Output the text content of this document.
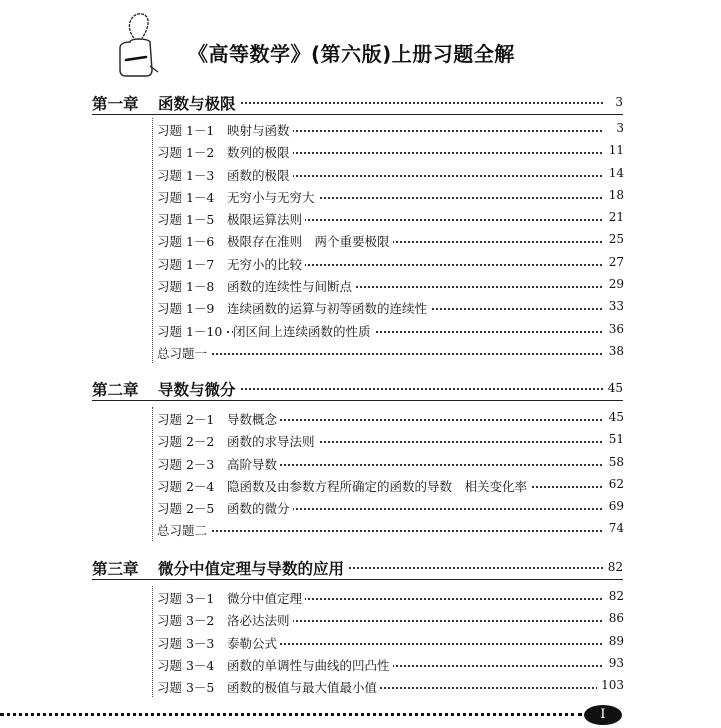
《高等数学》(第六版)上册习题全解
第一章 函数与极限	3
习题 1－1 映射与函数	3
习题 1－2 数列的极限	11
习题 1－3 函数的极限	14
习题 1－4 无穷小与无穷大	18
习题 1－5 极限运算法则	21
习题 1－6 极限存在准则　两个重要极限	25
习题 1－7 无穷小的比较	27
习题 1－8 函数的连续性与间断点	29
习题 1－9 连续函数的运算与初等函数的连续性	33
习题 1－10 闭区间上连续函数的性质	36
总习题一	38
第二章 导数与微分	45
习题 2－1 导数概念	45
习题 2－2 函数的求导法则	51
习题 2－3 高阶导数	58
习题 2－4 隐函数及由参数方程所确定的函数的导数　相关变化率	62
习题 2－5 函数的微分	69
总习题二	74
第三章 微分中值定理与导数的应用	82
习题 3－1 微分中值定理	82
习题 3－2 洛必达法则	86
习题 3－3 泰勒公式	89
习题 3－4 函数的单调性与曲线的凹凸性	93
习题 3－5 函数的极值与最大值最小值	103
I
